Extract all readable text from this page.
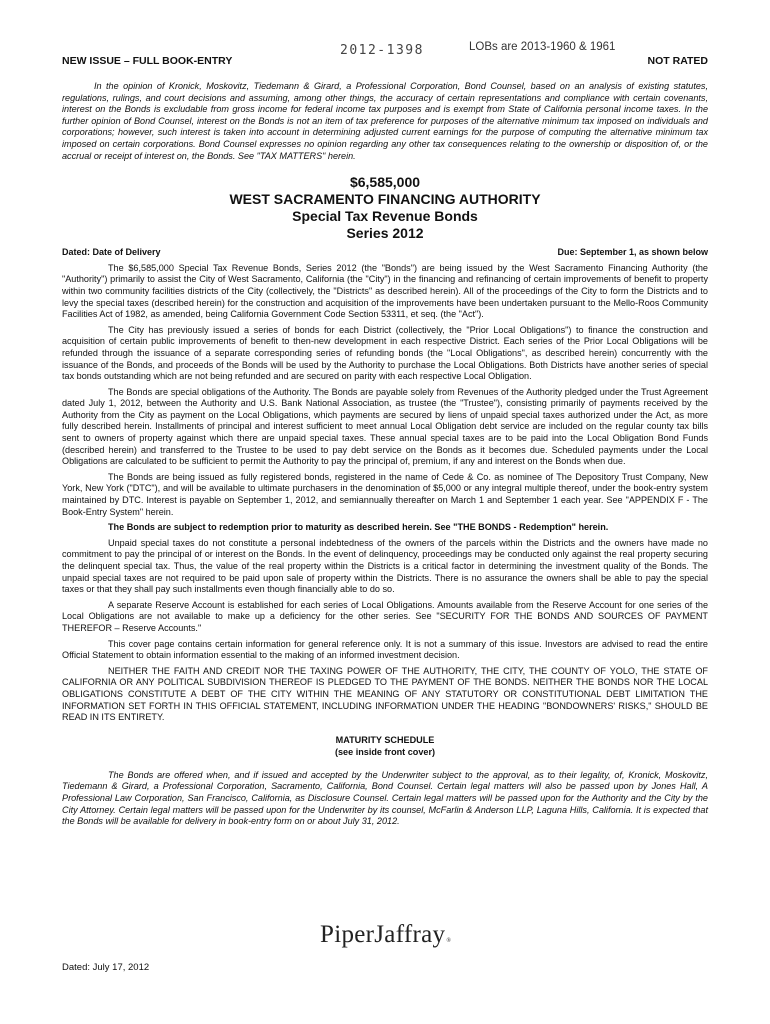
NEW ISSUE – FULL BOOK-ENTRY
2012-1398	LOBs are 2013-1960 & 1961
NOT RATED

In the opinion of Kronick, Moskovitz, Tiedemann & Girard, a Professional Corporation, Bond Counsel, based on an analysis of existing statutes, regulations, rulings, and court decisions and assuming, among other things, the accuracy of certain representations and compliance with certain covenants, interest on the Bonds is excludable from gross income for federal income tax purposes and is exempt from State of California personal income taxes. In the further opinion of Bond Counsel, interest on the Bonds is not an item of tax preference for purposes of the alternative minimum tax imposed on individuals and corporations; however, such interest is taken into account in determining adjusted current earnings for the purpose of computing the alternative minimum tax imposed on certain corporations. Bond Counsel expresses no opinion regarding any other tax consequences relating to the ownership or disposition of, or the accrual or receipt of interest on, the Bonds. See "TAX MATTERS" herein.

$6,585,000
WEST SACRAMENTO FINANCING AUTHORITY
Special Tax Revenue Bonds
Series 2012
Dated: Date of Delivery	Due: September 1, as shown below

The $6,585,000 Special Tax Revenue Bonds, Series 2012 (the "Bonds") are being issued by the West Sacramento Financing Authority (the "Authority") primarily to assist the City of West Sacramento, California (the "City") in the financing and refinancing of certain improvements of benefit to property within two community facilities districts of the City (collectively, the "Districts" as described herein). All of the proceedings of the City to form the Districts and to levy the special taxes (described herein) for the construction and acquisition of the improvements have been undertaken pursuant to the Mello-Roos Community Facilities Act of 1982, as amended, being California Government Code Section 53311, et seq. (the "Act").

The City has previously issued a series of bonds for each District (collectively, the "Prior Local Obligations") to finance the construction and acquisition of certain public improvements of benefit to then-new development in each respective District. Each series of the Prior Local Obligations will be refunded through the issuance of a separate corresponding series of refunding bonds (the "Local Obligations", as described herein) concurrently with the issuance of the Bonds, and proceeds of the Bonds will be used by the Authority to purchase the Local Obligations. Both Districts have another series of special tax bonds outstanding which are not being refunded and are secured on parity with each respective Local Obligation.

The Bonds are special obligations of the Authority. The Bonds are payable solely from Revenues of the Authority pledged under the Trust Agreement dated July 1, 2012, between the Authority and U.S. Bank National Association, as trustee (the "Trustee"), consisting primarily of payments received by the Authority from the City as payment on the Local Obligations, which payments are secured by liens of unpaid special taxes authorized under the Act, as more fully described herein. Installments of principal and interest sufficient to meet annual Local Obligation debt service are included on the regular county tax bills sent to owners of property against which there are unpaid special taxes. These annual special taxes are to be paid into the Local Obligation Bond Funds (described herein) and transferred to the Trustee to be used to pay debt service on the Bonds as it becomes due. Scheduled payments under the Local Obligations are calculated to be sufficient to permit the Authority to pay the principal of, premium, if any and interest on the Bonds when due.

The Bonds are being issued as fully registered bonds, registered in the name of Cede & Co. as nominee of The Depository Trust Company, New York, New York ("DTC"), and will be available to ultimate purchasers in the denomination of $5,000 or any integral multiple thereof, under the book-entry system maintained by DTC. Interest is payable on September 1, 2012, and semiannually thereafter on March 1 and September 1 each year. See "APPENDIX F - The Book-Entry System" herein.

The Bonds are subject to redemption prior to maturity as described herein. See "THE BONDS - Redemption" herein.

Unpaid special taxes do not constitute a personal indebtedness of the owners of the parcels within the Districts and the owners have made no commitment to pay the principal of or interest on the Bonds. In the event of delinquency, proceedings may be conducted only against the real property securing the delinquent special tax. Thus, the value of the real property within the Districts is a critical factor in determining the investment quality of the Bonds. The unpaid special taxes are not required to be paid upon sale of property within the Districts. There is no assurance the owners shall be able to pay the special taxes or that they shall pay such installments even though financially able to do so.

A separate Reserve Account is established for each series of Local Obligations. Amounts available from the Reserve Account for one series of the Local Obligations are not available to make up a deficiency for the other series. See "SECURITY FOR THE BONDS AND SOURCES OF PAYMENT THEREFOR – Reserve Accounts."

This cover page contains certain information for general reference only. It is not a summary of this issue. Investors are advised to read the entire Official Statement to obtain information essential to the making of an informed investment decision.

NEITHER THE FAITH AND CREDIT NOR THE TAXING POWER OF THE AUTHORITY, THE CITY, THE COUNTY OF YOLO, THE STATE OF CALIFORNIA OR ANY POLITICAL SUBDIVISION THEREOF IS PLEDGED TO THE PAYMENT OF THE BONDS. NEITHER THE BONDS NOR THE LOCAL OBLIGATIONS CONSTITUTE A DEBT OF THE CITY WITHIN THE MEANING OF ANY STATUTORY OR CONSTITUTIONAL DEBT LIMITATION THE INFORMATION SET FORTH IN THIS OFFICIAL STATEMENT, INCLUDING INFORMATION UNDER THE HEADING "BONDOWNERS' RISKS," SHOULD BE READ IN ITS ENTIRETY.

MATURITY SCHEDULE
(see inside front cover)

The Bonds are offered when, and if issued and accepted by the Underwriter subject to the approval, as to their legality, of, Kronick, Moskovitz, Tiedemann & Girard, a Professional Corporation, Sacramento, California, Bond Counsel. Certain legal matters will also be passed upon by Jones Hall, A Professional Law Corporation, San Francisco, California, as Disclosure Counsel. Certain legal matters will be passed upon for the Authority and the City by the City Attorney. Certain legal matters will be passed upon for the Underwriter by its counsel, McFarlin & Anderson LLP, Laguna Hills, California. It is expected that the Bonds will be available for delivery in book-entry form on or about July 31, 2012.

PiperJaffray®
Dated: July 17, 2012
